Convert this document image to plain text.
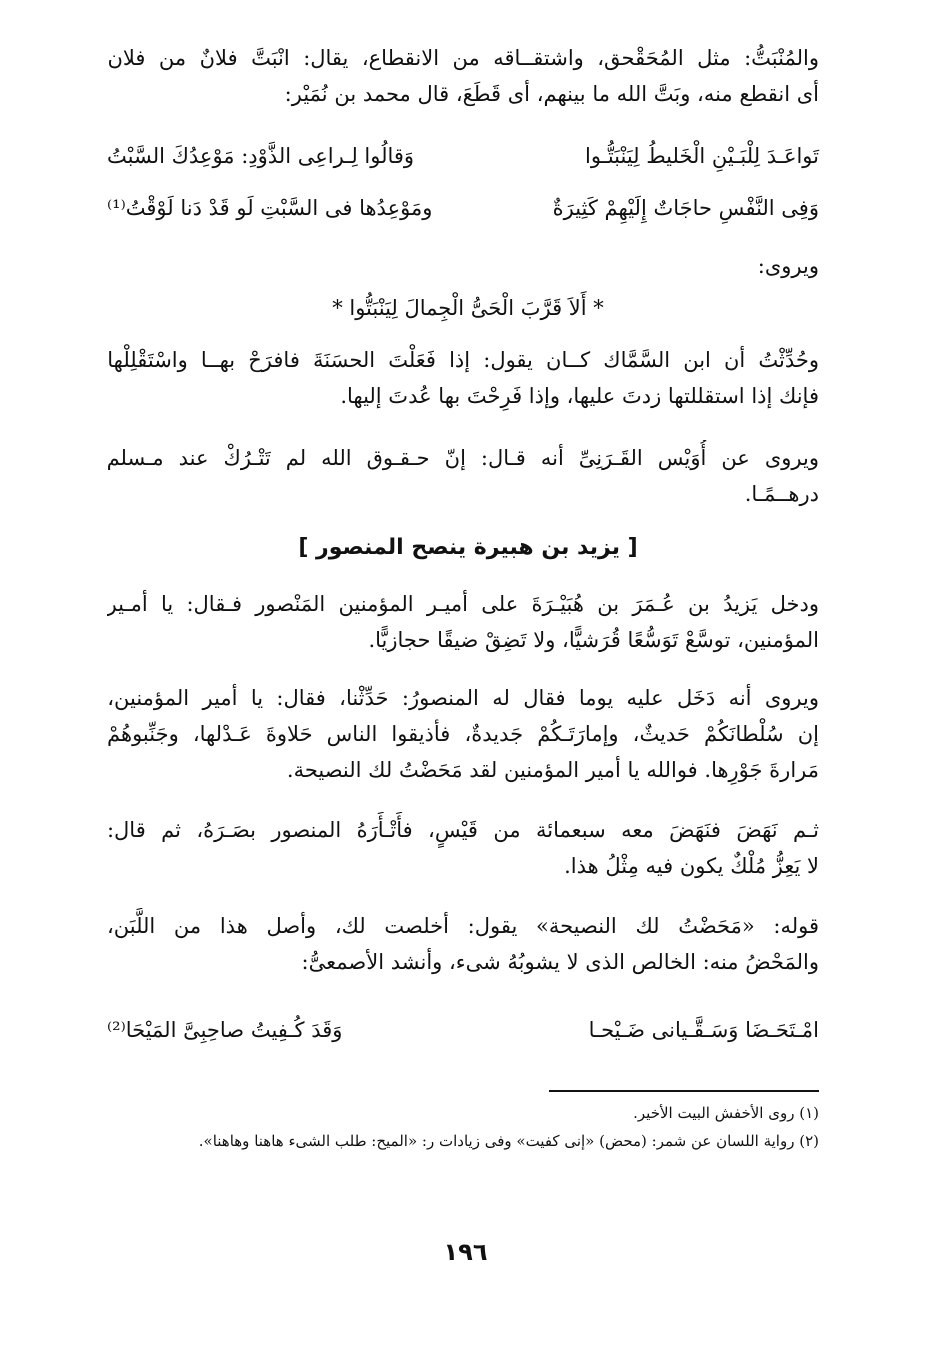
والمُنْبَتُّ: مثل المُحَقْحق، واشتقــاقه من الانقطاع، يقال: انْبَتَّ فلانٌ من فلان
أى انقطع منه، وبَتَّ الله ما بينهم، أى قَطَعَ، قال محمد بن نُمَيْر:
تَواعَـدَ لِلْبَـيْنِ الْخَليطُ لِيَنْبَتُّـوا
وَقالُوا لِـراعِى الذَّوْدِ: مَوْعِدُكَ السَّبْتُ
وَفِى النَّفْسِ حاجَاتٌ إِلَيْهِمْ كَثِيرَةٌ
ومَوْعِدُها فى السَّبْتِ لَو قَدْ دَنا لَوْقْتُ⁽¹⁾
ويروى:
* أَلاَ قَرَّبَ الْحَىُّ الْجِمالَ لِيَنْبَتُّوا *
وحُدِّثْتُ أن ابن السَّمَّاك كــان يقول: إذا فَعَلْتَ الحسَنَةَ فافرَحْ بهــا واسْتَقْلِلْها
فإنك إذا استقللتها زدتَ عليها، وإذا فَرِحْتَ بها عُدتَ إليها.
ويروى عن أُوَيْس القَـرَنِىِّ أنه قـال: إنّ حـقـوق الله لم تَتْـرُكْ عند مـسلم
درهــمًـا.
[ يزيد بن هبيرة ينصح المنصور ]
ودخل يَزيدُ بن عُـمَرَ بن هُبَيْـرَةَ على أميـر المؤمنين المَنْصور فـقال: يا أمـير
المؤمنين، توسَّعْ تَوَسُّعًا قُرَشيًّا، ولا تَضِقْ ضيقًا حجازيًّا.
ويروى أنه دَخَل عليه يوما فقال له المنصورُ: حَدِّثْنا، فقال: يا أمير المؤمنين،
إن سُلْطانَكُمْ حَديثٌ، وإمارَتَـكُمْ جَديدةٌ، فأذيقوا الناس حَلاوةَ عَـدْلها، وجَنِّبوهُمْ
مَرارةَ جَوْرِها. فوالله يا أمير المؤمنين لقد مَحَضْتُ لك النصيحة.
ثـم نَهَضَ فنَهَضَ معه سبعمائة من قَيْسٍ، فأَتْـأَرَهُ المنصور بصَـرَهُ، ثم قال:
لا يَعِزُّ مُلْكٌ يكون فيه مِثْلُ هذا.
قوله: «مَحَضْتُ لك النصيحة» يقول: أخلصت لك، وأصل هذا من اللَّبَن،
والمَحْضُ منه: الخالص الذى لا يشوبُهُ شىء، وأنشد الأصمعىُّ:
امْـتَحَـضَا وَسَـقَّـيانى ضَـيْحـا
وَقَدَ كُـفِيتُ صاحِبِىَّ المَيْحَا⁽²⁾
(١) روى الأخفش البيت الأخير.
(٢) رواية اللسان عن شمر: (محض) «إنى كفيت» وفى زيادات ر: «الميح: طلب الشىء هاهنا وهاهنا».
١٩٦
